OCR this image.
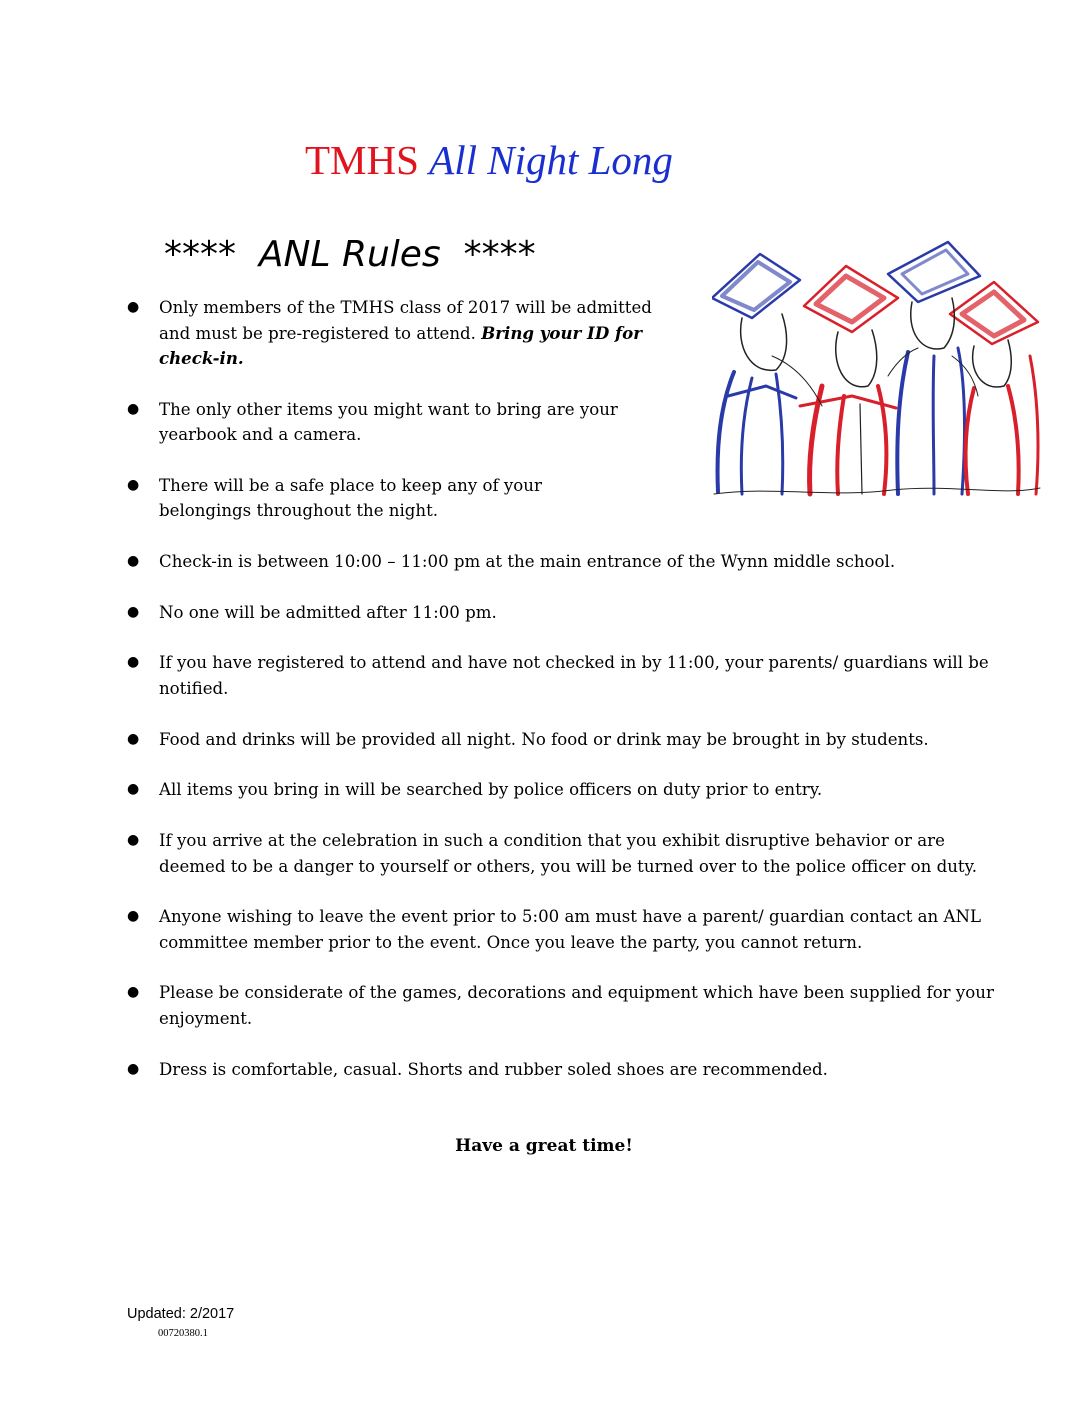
TMHS All Night Long
****  ANL Rules  ****
● Only members of the TMHS class of 2017 will be admitted and must be pre-registered to attend. Bring your ID for check-in.
● The only other items you might want to bring are your yearbook and a camera.
● There will be a safe place to keep any of your belongings throughout the night.
● Check-in is between 10:00 – 11:00 pm at the main entrance of the Wynn middle school.
● No one will be admitted after 11:00 pm.
● If you have registered to attend and have not checked in by 11:00, your parents/ guardians will be notified.
● Food and drinks will be provided all night. No food or drink may be brought in by students.
● All items you bring in will be searched by police officers on duty prior to entry.
● If you arrive at the celebration in such a condition that you exhibit disruptive behavior or are deemed to be a danger to yourself or others, you will be turned over to the police officer on duty.
● Anyone wishing to leave the event prior to 5:00 am must have a parent/ guardian contact an ANL committee member prior to the event. Once you leave the party, you cannot return.
● Please be considerate of the games, decorations and equipment which have been supplied for your enjoyment.
● Dress is comfortable, casual. Shorts and rubber soled shoes are recommended.
Have a great time!
Updated: 2/2017
00720380.1
